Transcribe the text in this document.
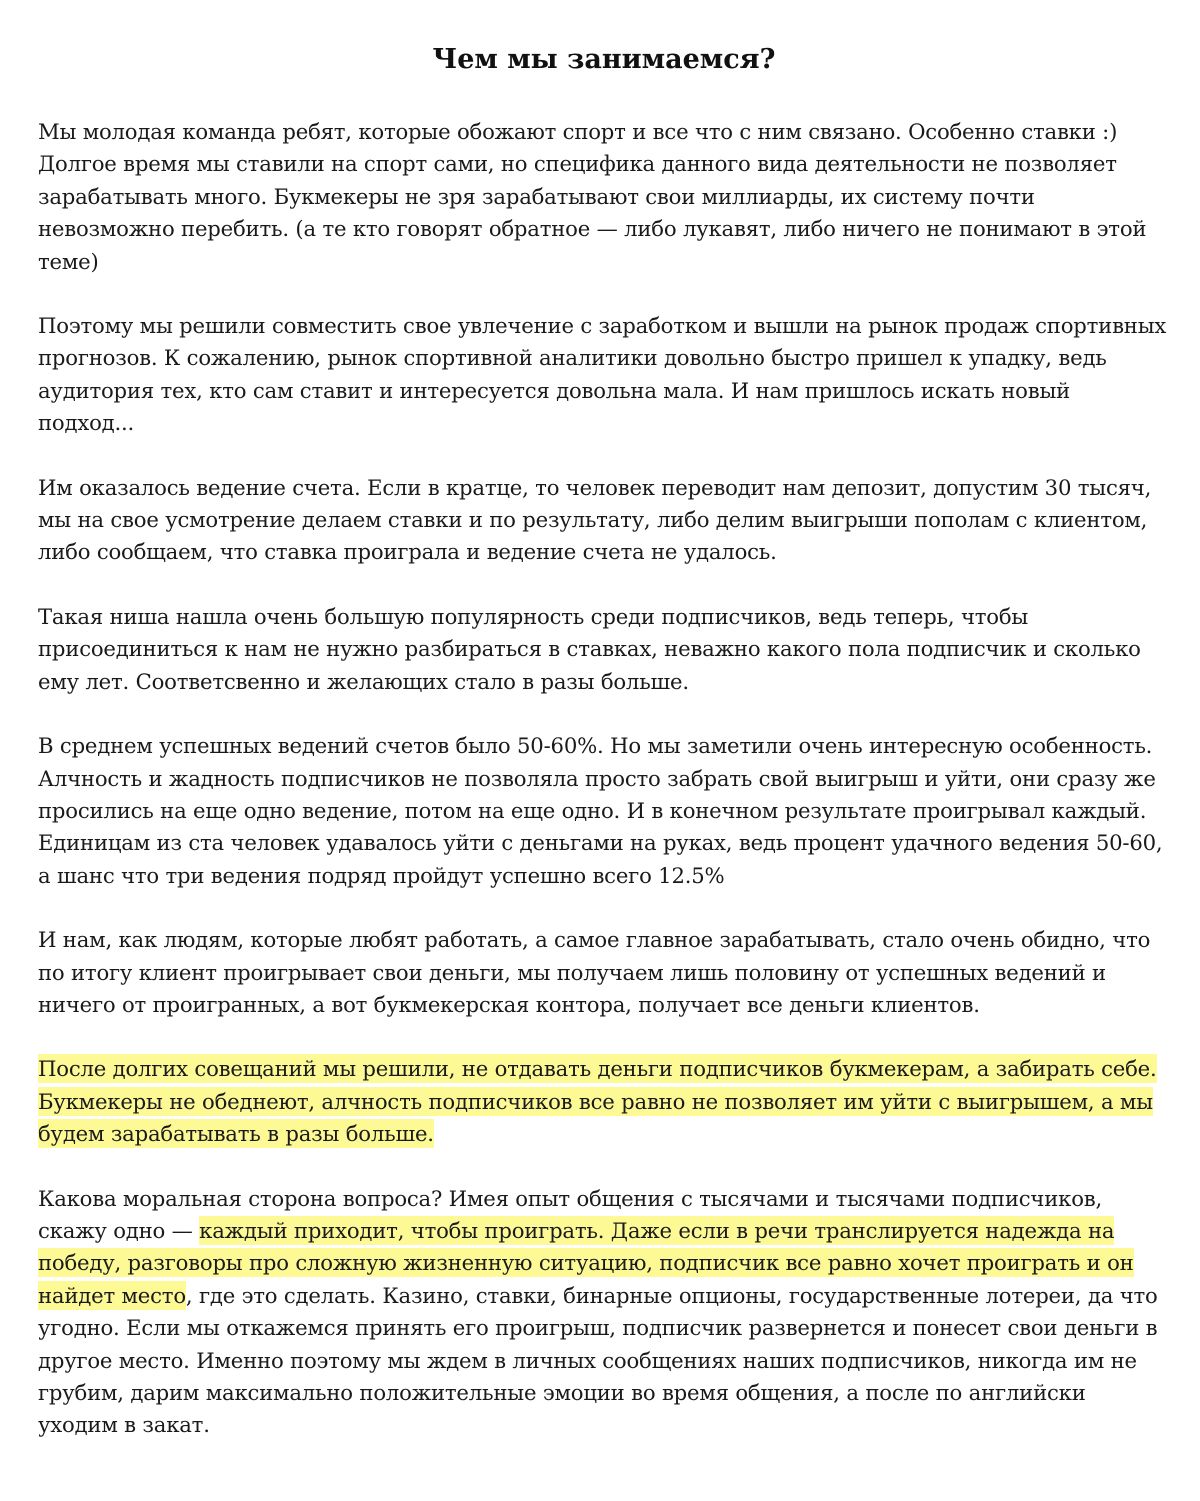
Чем мы занимаемся?

Мы молодая команда ребят, которые обожают спорт и все что с ним связано. Особенно ставки :) Долгое время мы ставили на спорт сами, но специфика данного вида деятельности не позволяет зарабатывать много. Букмекеры не зря зарабатывают свои миллиарды, их систему почти невозможно перебить. (а те кто говорят обратное — либо лукавят, либо ничего не понимают в этой теме)

Поэтому мы решили совместить свое увлечение с заработком и вышли на рынок продаж спортивных прогнозов. К сожалению, рынок спортивной аналитики довольно быстро пришел к упадку, ведь аудитория тех, кто сам ставит и интересуется довольна мала. И нам пришлось искать новый подход...

Им оказалось ведение счета. Если в кратце, то человек переводит нам депозит, допустим 30 тысяч, мы на свое усмотрение делаем ставки и по результату, либо делим выигрыши пополам с клиентом, либо сообщаем, что ставка проиграла и ведение счета не удалось.

Такая ниша нашла очень большую популярность среди подписчиков, ведь теперь, чтобы присоединиться к нам не нужно разбираться в ставках, неважно какого пола подписчик и сколько ему лет. Соответсвенно и желающих стало в разы больше.

В среднем успешных ведений счетов было 50-60%. Но мы заметили очень интересную особенность. Алчность и жадность подписчиков не позволяла просто забрать свой выигрыш и уйти, они сразу же просились на еще одно ведение, потом на еще одно. И в конечном результате проигрывал каждый. Единицам из ста человек удавалось уйти с деньгами на руках, ведь процент удачного ведения 50-60, а шанс что три ведения подряд пройдут успешно всего 12.5%

И нам, как людям, которые любят работать, а самое главное зарабатывать, стало очень обидно, что по итогу клиент проигрывает свои деньги, мы получаем лишь половину от успешных ведений и ничего от проигранных, а вот букмекерская контора, получает все деньги клиентов.

После долгих совещаний мы решили, не отдавать деньги подписчиков букмекерам, а забирать себе. Букмекеры не обеднеют, алчность подписчиков все равно не позволяет им уйти с выигрышем, а мы будем зарабатывать в разы больше.

Какова моральная сторона вопроса? Имея опыт общения с тысячами и тысячами подписчиков, скажу одно — каждый приходит, чтобы проиграть. Даже если в речи транслируется надежда на победу, разговоры про сложную жизненную ситуацию, подписчик все равно хочет проиграть и он найдет место, где это сделать. Казино, ставки, бинарные опционы, государственные лотереи, да что угодно. Если мы откажемся принять его проигрыш, подписчик развернется и понесет свои деньги в другое место. Именно поэтому мы ждем в личных сообщениях наших подписчиков, никогда им не грубим, дарим максимально положительные эмоции во время общения, а после по английски уходим в закат.
